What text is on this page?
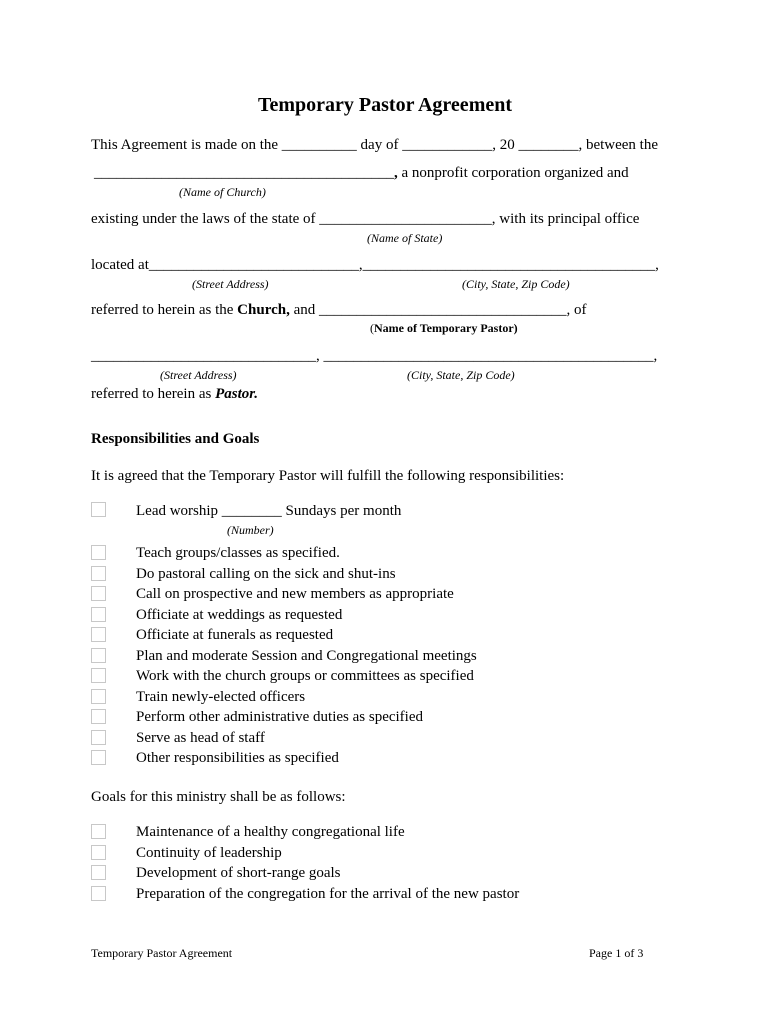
Temporary Pastor Agreement
This Agreement is made on the __________ day of ____________, 20 ________, between the
________________________________________, a nonprofit corporation organized and
(Name of Church)
existing under the laws of the state of _______________________, with its principal office
(Name of State)
located at____________________________,_______________________________________,
(Street Address)	(City, State, Zip Code)
referred to herein as the Church, and _________________________________, of
(Name of Temporary Pastor)
______________________________, ____________________________________________,
(Street Address)	(City, State, Zip Code)
referred to herein as Pastor.
Responsibilities and Goals
It is agreed that the Temporary Pastor will fulfill the following responsibilities:
Lead worship ________ Sundays per month
(Number)
Teach groups/classes as specified.
Do pastoral calling on the sick and shut-ins
Call on prospective and new members as appropriate
Officiate at weddings as requested
Officiate at funerals as requested
Plan and moderate Session and Congregational meetings
Work with the church groups or committees as specified
Train newly-elected officers
Perform other administrative duties as specified
Serve as head of staff
Other responsibilities as specified
Goals for this ministry shall be as follows:
Maintenance of a healthy congregational life
Continuity of leadership
Development of short-range goals
Preparation of the congregation for the arrival of the new pastor
Temporary Pastor Agreement	Page 1 of 3
